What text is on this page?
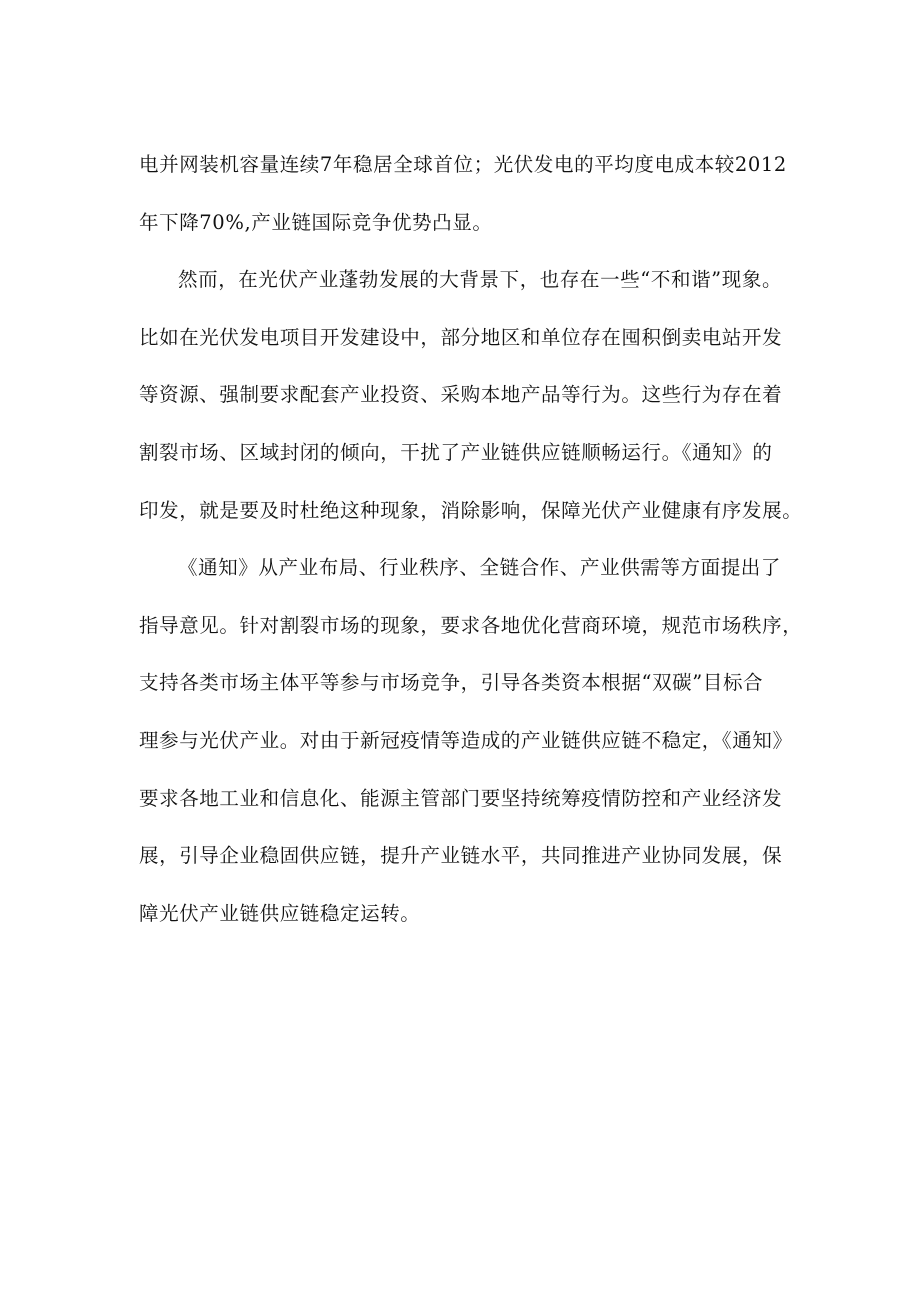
电并网装机容量连续7年稳居全球首位；光伏发电的平均度电成本较2012
年下降70%,产业链国际竞争优势凸显。
然而，在光伏产业蓬勃发展的大背景下，也存在一些“不和谐”现象。
比如在光伏发电项目开发建设中，部分地区和单位存在囤积倒卖电站开发
等资源、强制要求配套产业投资、采购本地产品等行为。这些行为存在着
割裂市场、区域封闭的倾向，干扰了产业链供应链顺畅运行。《通知》的
印发，就是要及时杜绝这种现象，消除影响，保障光伏产业健康有序发展。
《通知》从产业布局、行业秩序、全链合作、产业供需等方面提出了
指导意见。针对割裂市场的现象，要求各地优化营商环境，规范市场秩序，
支持各类市场主体平等参与市场竞争，引导各类资本根据“双碳”目标合
理参与光伏产业。对由于新冠疫情等造成的产业链供应链不稳定，《通知》
要求各地工业和信息化、能源主管部门要坚持统筹疫情防控和产业经济发
展，引导企业稳固供应链，提升产业链水平，共同推进产业协同发展，保
障光伏产业链供应链稳定运转。
